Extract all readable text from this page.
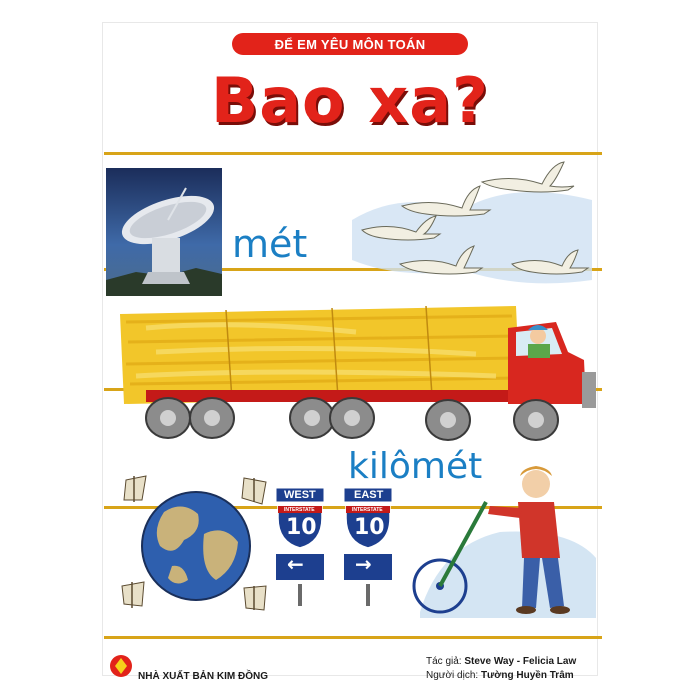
ĐỂ EM YÊU MÔN TOÁN
Bao xa?
mét
kilômét
WEST
INTERSTATE
10
←
EAST
INTERSTATE
10
→
NHÀ XUẤT BẢN KIM ĐỒNG
Tác giả: Steve Way - Felicia Law
Người dịch: Tường Huyền Trâm
